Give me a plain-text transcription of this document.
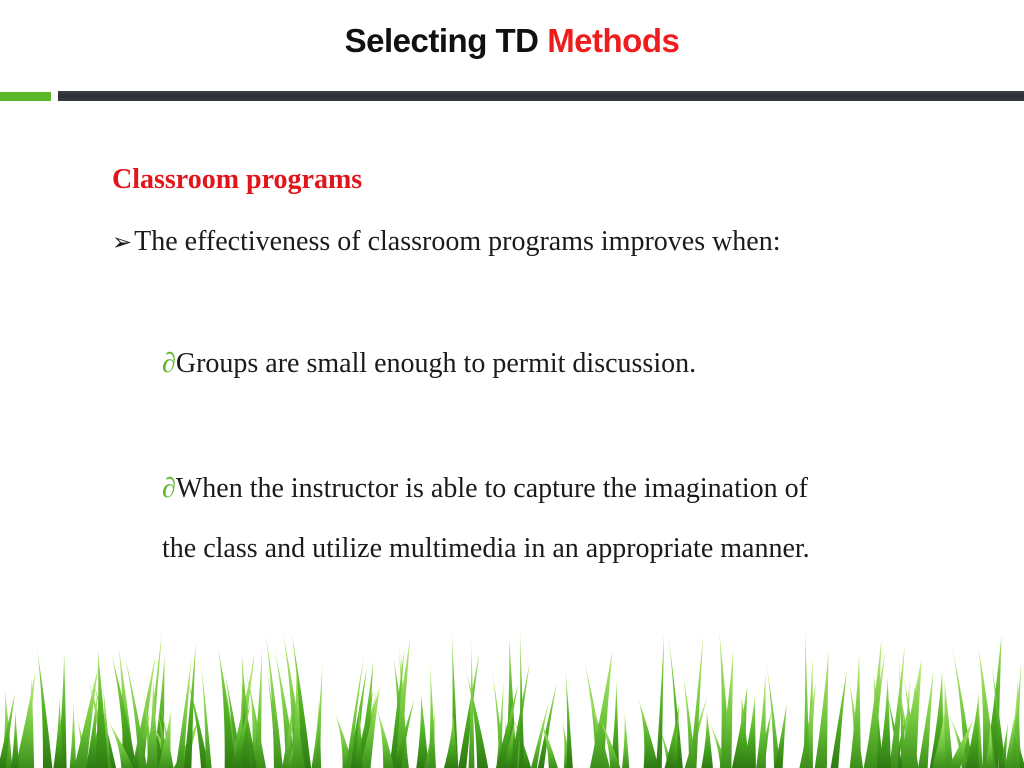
Selecting TD Methods
Classroom programs
➢The effectiveness of classroom programs improves when:
∂Groups are small enough to permit discussion.
∂When the instructor is able to capture the imagination of
the class and utilize multimedia in an appropriate manner.
